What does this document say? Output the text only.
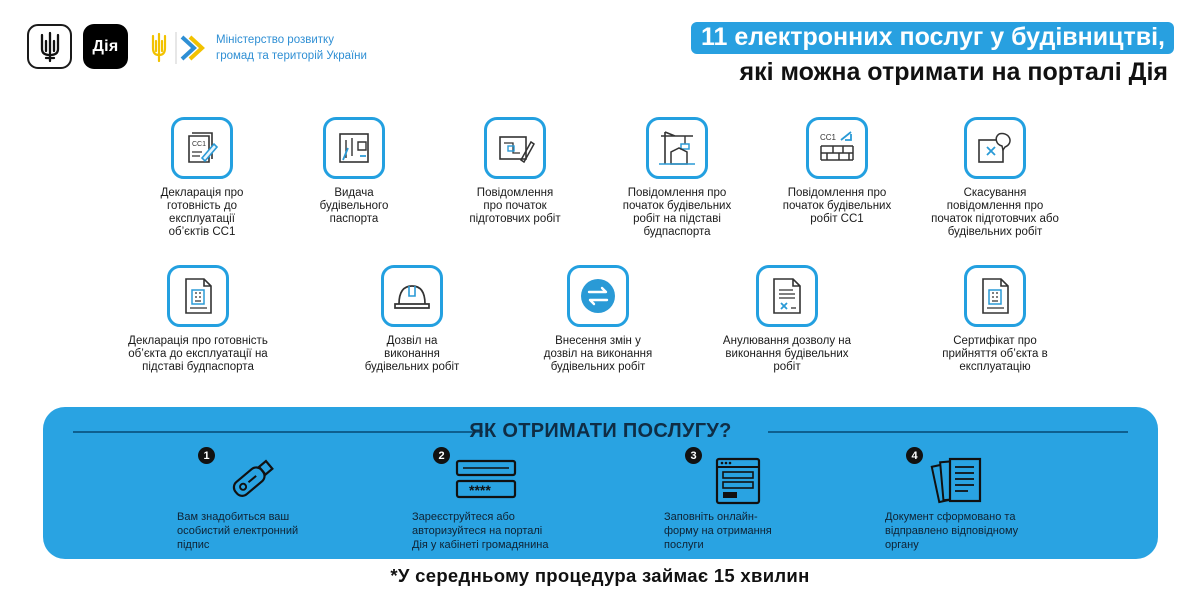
Дія	Міністерство розвитку
громад та територій України
11 електронних послуг у будівництві,
які можна отримати на порталі Дія
CC1
Декларація про
готовність до
експлуатації
об’єктів СС1
Видача
будівельного
паспорта
Повідомлення
про початок
підготовчих робіт
Повідомлення про
початок будівельних
робіт на підставі
будпаспорта
CC1
Повідомлення про
початок будівельних
робіт СС1
Скасування
повідомлення про
початок підготовчих або
будівельних робіт
Декларація про готовність
об’єкта до експлуатації на
підставі будпаспорта
Дозвіл на
виконання
будівельних робіт
Внесення змін у
дозвіл на виконання
будівельних робіт
Анулювання дозволу на
виконання будівельних
робіт
Сертифікат про
прийняття об’єкта в
експлуатацію
ЯК ОТРИМАТИ ПОСЛУГУ?
1
Вам знадобиться ваш
особистий електронний
підпис
2
****
Зареєструйтеся або
авторизуйтеся на порталі
Дія у кабінеті громадянина
3
Заповніть онлайн-
форму на отримання
послуги
4
Документ сформовано та
відправлено відповідному
органу
*У середньому процедура займає 15 хвилин
